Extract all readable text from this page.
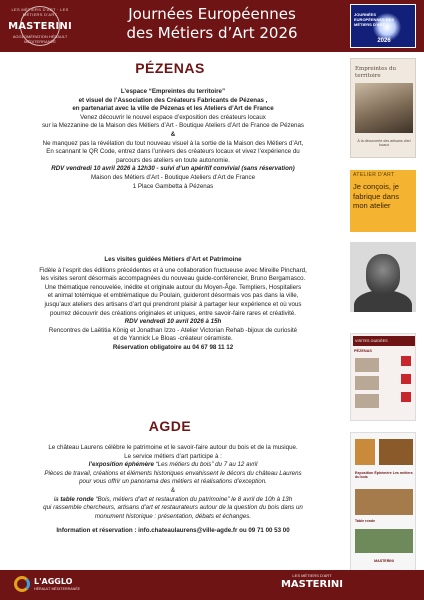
LES MÉTIERS D'ART · LES MÉTIERS D'ART
MASTERINI
AGGLOMÉRATION HÉRAULT MÉDITERRANÉE
Journées Européennes
des Métiers d’Art 2026
JOURNÉES EUROPÉENNES DES MÉTIERS D'ART
2026
PÉZENAS

L’espace “Empreintes du territoire”

et visuel de l’Association des Créateurs Fabricants de Pézenas ,

en partenariat avec la ville de Pézenas et les Ateliers d’Art de France

Venez découvrir le nouvel espace d’exposition des créateurs locaux

sur la Mezzanine de la Maison des Métiers d’Art - Boutique Ateliers d’Art de France de Pézenas

&

Ne manquez pas la révélation du tout nouveau visuel à la sortie de la Maison des Métiers d’Art,

En scannant le QR Code, entrez dans l’univers des créateurs locaux et vivez l’expérience du

parcours des ateliers en toute autonomie.

RDV vendredi 10 avril 2026 à 12h30 - suivi d’un apéritif convivial (sans réservation)

Maison des Métiers d’Art - Boutique Ateliers d’Art de France

1 Place Gambetta à Pézenas

Les visites guidées Métiers d’Art et Patrimoine

Fidèle à l’esprit des éditions précédentes et à une collaboration fructueuse avec Mireille Pinchard,

les visites seront désormais accompagnées du nouveau guide-conférencier, Bruno Bergamasco.

Une thématique renouvelée, inédite et originale autour du Moyen-Âge. Templiers, Hospitaliers

et animal totémique et emblématique du Poulain, guideront désormais vos pas dans la ville,

jusqu’aux ateliers des artisans d’art qui prendront plaisir à partager leur expérience et où vous

pourrez découvrir des créations originales et uniques, entre savoir-faire rares et créativité.

RDV vendredi 10 avril 2026 à 15h

Rencontres de Laëtitia König et Jonathan Izzo - Atelier Victorian Rehab -bijoux de curiosité

et de Yannick Le Bloas -créateur céramiste.

Réservation obligatoire au 04 67 98 11 12

AGDE

Le château Laurens célèbre le patrimoine et le savoir-faire autour du bois et de la musique.

Le service métiers d’art participe à :

l’exposition éphémère “Les métiers du bois” du 7 au 12 avril

Pièces de travail, créations et éléments historiques envahissent le décors du château Laurens

pour vous offrir un panorama des métiers et réalisations d’exception.

&

la table ronde “Bois, métiers d’art et restauration du patrimoine” le 8 avril de 10h à 13h

qui rassemble chercheurs, artisans d’art et restaurateurs autour de la question du bois dans un

monument historique : présentation, débats et échanges.

Information et réservation : info.chateaulaurens@ville-agde.fr ou 09 71 00 53 00

Empreintes du territoire
À la découverte des artisans d'art locaux
ATELIER D'ART
Je conçois, je fabrique dans mon atelier
VISITES GUIDÉES
PÉZENAS
Exposition Éphémère Les métiers du bois
Table ronde
MASTERINI
L'AGGLO
HÉRAULT MÉDITERRANÉE
LES MÉTIERS D'ART
MASTERINI
